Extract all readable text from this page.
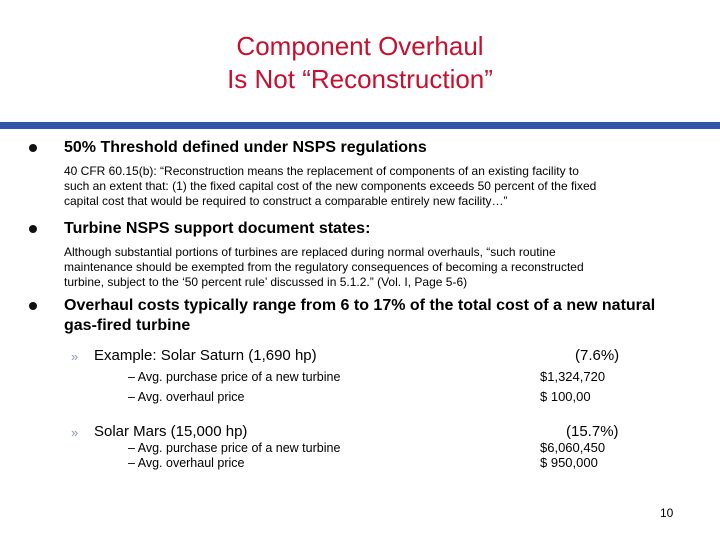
Component Overhaul
Is Not “Reconstruction”
50% Threshold defined under NSPS regulations
40 CFR 60.15(b): “Reconstruction means the replacement of components of an existing facility to
such an extent that: (1) the fixed capital cost of the new components exceeds 50 percent of the fixed
capital cost that would be required to construct a comparable entirely new facility…”
Turbine NSPS support document states:
Although substantial portions of turbines are replaced during normal overhauls, “such routine
maintenance should be exempted from the regulatory consequences of becoming a reconstructed
turbine, subject to the ‘50 percent rule’ discussed in 5.1.2.” (Vol. I, Page 5-6)
Overhaul costs typically range from 6 to 17% of the total cost of a new natural
gas-fired turbine
» Example: Solar Saturn (1,690 hp)	(7.6%)
– Avg. purchase price of a new turbine	$1,324,720
– Avg. overhaul price	$ 100,00
» Solar Mars (15,000 hp)	(15.7%)
– Avg. purchase price of a new turbine	$6,060,450
– Avg. overhaul price	$ 950,000
10
